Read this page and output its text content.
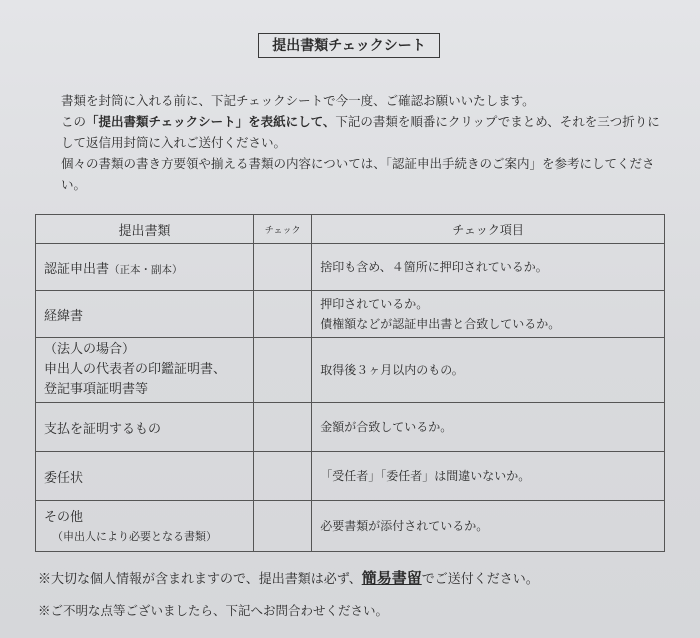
提出書類チェックシート

書類を封筒に入れる前に、下記チェックシートで今一度、ご確認お願いいたします。

この「提出書類チェックシート」を表紙にして、下記の書類を順番にクリップでまとめ、それを三つ折りにして返信用封筒に入れご送付ください。

個々の書類の書き方要領や揃える書類の内容については、「認証申出手続きのご案内」を参考にしてください。

提出書類	チェック	チェック項目
認証申出書（正本・副本）		捨印も含め、４箇所に押印されているか。

経緯書		押印されているか。
債権額などが認証申出書と合致しているか。

（法人の場合）
申出人の代表者の印鑑証明書、
登記事項証明書等		取得後３ヶ月以内のもの。

支払を証明するもの		金額が合致しているか。

委任状		「受任者」「委任者」は間違いないか。

その他
（申出人により必要となる書類）		必要書類が添付されているか。
※大切な個人情報が含まれますので、提出書類は必ず、簡易書留でご送付ください。
※ご不明な点等ございましたら、下記へお問合わせください。
